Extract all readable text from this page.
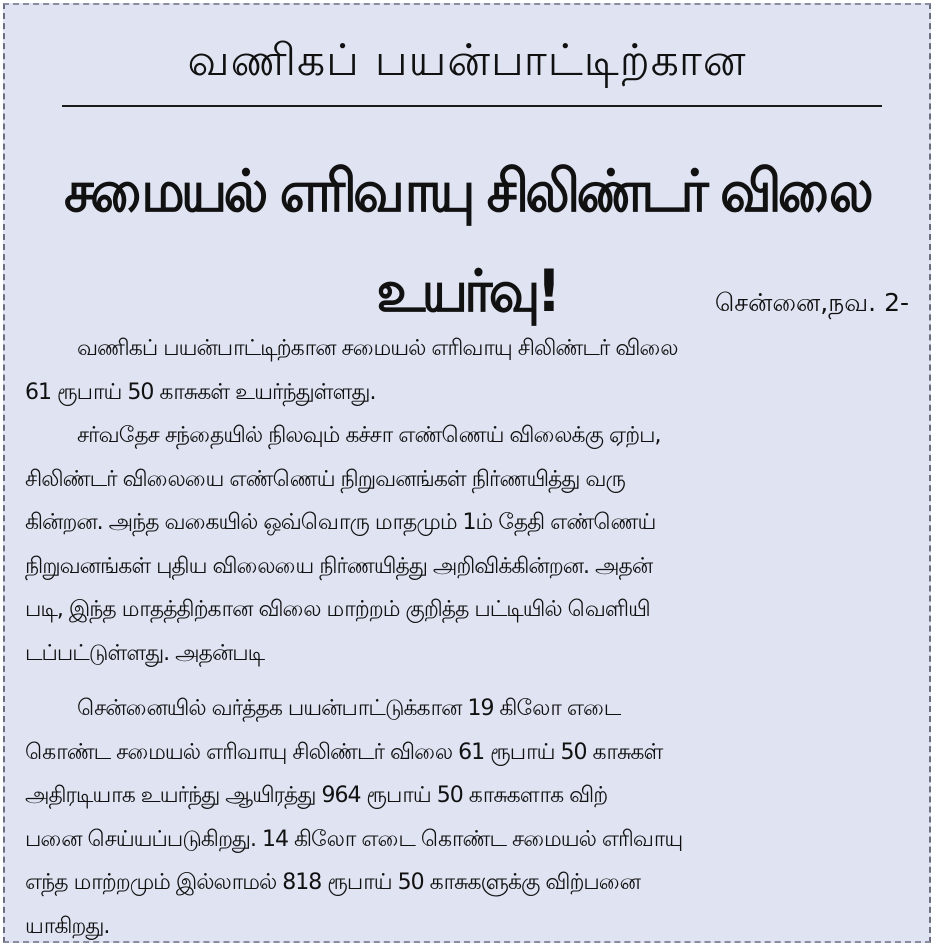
வணிகப் பயன்பாட்டிற்கான
சமையல் எரிவாயு சிலிண்டர் விலை உயர்வு!	சென்னை,நவ. 2-
வணிகப் பயன்பாட்டிற்கான சமையல் எரிவாயு சிலிண்டர் விலை
61 ரூபாய் 50 காசுகள் உயர்ந்துள்ளது.
சர்வதேச சந்தையில் நிலவும் கச்சா எண்ணெய் விலைக்கு ஏற்ப,
சிலிண்டர் விலையை எண்ணெய் நிறுவனங்கள் நிர்ணயித்து வரு
கின்றன. அந்த வகையில் ஒவ்வொரு மாதமும் 1ம் தேதி எண்ணெய்
நிறுவனங்கள் புதிய விலையை நிர்ணயித்து அறிவிக்கின்றன. அதன்
படி, இந்த மாதத்திற்கான விலை மாற்றம் குறித்த பட்டியில் வெளியி
டப்பட்டுள்ளது. அதன்படி
சென்னையில் வர்த்தக பயன்பாட்டுக்கான 19 கிலோ எடை
கொண்ட சமையல் எரிவாயு சிலிண்டர் விலை 61 ரூபாய் 50 காசுகள்
அதிரடியாக உயர்ந்து ஆயிரத்து 964 ரூபாய் 50 காசுகளாக விற்
பனை செய்யப்படுகிறது. 14 கிலோ எடை கொண்ட சமையல் எரிவாயு
எந்த மாற்றமும் இல்லாமல் 818 ரூபாய் 50 காசுகளுக்கு விற்பனை
யாகிறது.
